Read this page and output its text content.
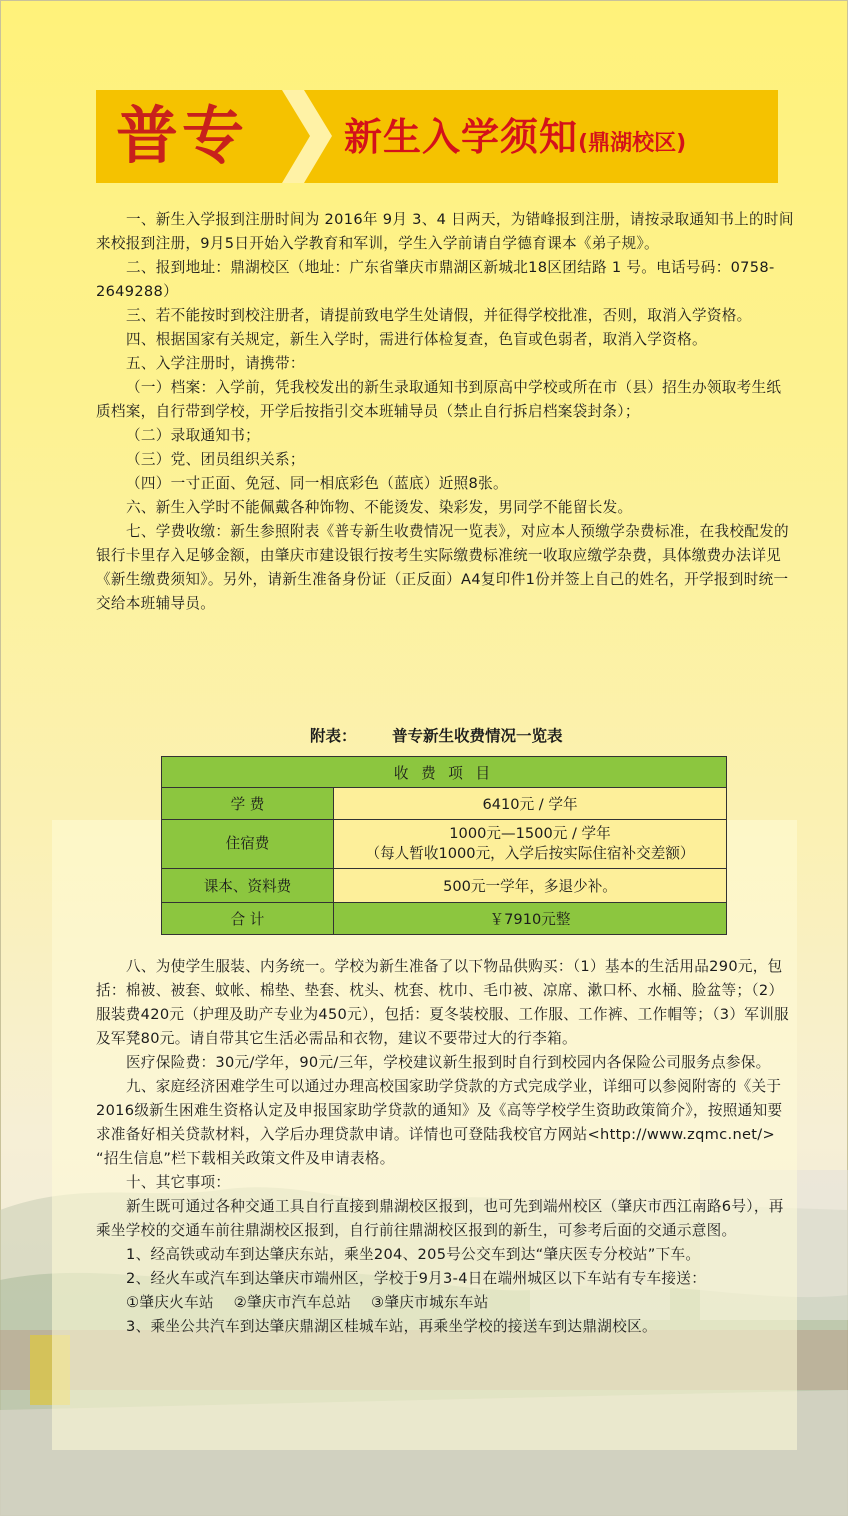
普专	新生入学须知(鼎湖校区)

一、新生入学报到注册时间为 2016年 9月 3、4 日两天，为错峰报到注册，请按录取通知书上的时间来校报到注册，9月5日开始入学教育和军训，学生入学前请自学德育课本《弟子规》。

二、报到地址：鼎湖校区（地址：广东省肇庆市鼎湖区新城北18区团结路 1 号。电话号码：0758-2649288）

三、若不能按时到校注册者，请提前致电学生处请假，并征得学校批准，否则，取消入学资格。

四、根据国家有关规定，新生入学时，需进行体检复查，色盲或色弱者，取消入学资格。

五、入学注册时，请携带：

（一）档案：入学前，凭我校发出的新生录取通知书到原高中学校或所在市（县）招生办领取考生纸质档案，自行带到学校，开学后按指引交本班辅导员（禁止自行拆启档案袋封条）；

（二）录取通知书；

（三）党、团员组织关系；

（四）一寸正面、免冠、同一相底彩色（蓝底）近照8张。

六、新生入学时不能佩戴各种饰物、不能烫发、染彩发，男同学不能留长发。

七、学费收缴：新生参照附表《普专新生收费情况一览表》，对应本人预缴学杂费标准，在我校配发的银行卡里存入足够金额，由肇庆市建设银行按考生实际缴费标准统一收取应缴学杂费，具体缴费办法详见《新生缴费须知》。另外，请新生准备身份证（正反面）A4复印件1份并签上自己的姓名，开学报到时统一交给本班辅导员。

附表： 普专新生收费情况一览表
收 费 项 目	
学 费	6410元 / 学年
住宿费	1000元—1500元 / 学年
（每人暂收1000元，入学后按实际住宿补交差额）

课本、资料费	500元一学年，多退少补。
合 计	￥7910元整

八、为使学生服装、内务统一。学校为新生准备了以下物品供购买：（1）基本的生活用品290元，包括：棉被、被套、蚊帐、棉垫、垫套、枕头、枕套、枕巾、毛巾被、凉席、漱口杯、水桶、脸盆等；（2）服装费420元（护理及助产专业为450元），包括：夏冬装校服、工作服、工作裤、工作帽等；（3）军训服及军凳80元。请自带其它生活必需品和衣物，建议不要带过大的行李箱。

医疗保险费：30元/学年，90元/三年，学校建议新生报到时自行到校园内各保险公司服务点参保。

九、家庭经济困难学生可以通过办理高校国家助学贷款的方式完成学业，详细可以参阅附寄的《关于2016级新生困难生资格认定及申报国家助学贷款的通知》及《高等学校学生资助政策简介》，按照通知要求准备好相关贷款材料，入学后办理贷款申请。详情也可登陆我校官方网站<http://www.zqmc.net/> “招生信息”栏下载相关政策文件及申请表格。

十、其它事项：

新生既可通过各种交通工具自行直接到鼎湖校区报到，也可先到端州校区（肇庆市西江南路6号），再乘坐学校的交通车前往鼎湖校区报到，自行前往鼎湖校区报到的新生，可参考后面的交通示意图。

1、经高铁或动车到达肇庆东站，乘坐204、205号公交车到达“肇庆医专分校站”下车。

2、经火车或汽车到达肇庆市端州区，学校于9月3-4日在端州城区以下车站有专车接送：

①肇庆火车站    ②肇庆市汽车总站    ③肇庆市城东车站

3、乘坐公共汽车到达肇庆鼎湖区桂城车站，再乘坐学校的接送车到达鼎湖校区。
